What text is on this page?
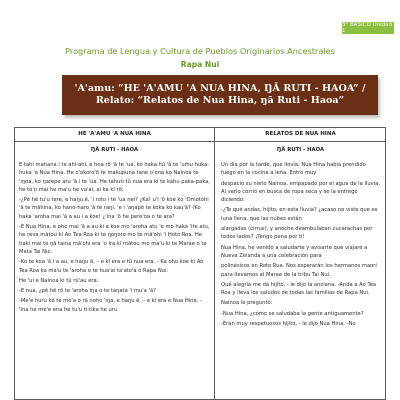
3° BÁSICO Unidad 1
Programa de Lengua y Cultura de Pueblos Originarios Ancestrales
Rapa Nui
'A'amu: “HE 'A'AMU 'A NUA HINA, ŊĀ RUTI - HAOA” /
Relato: “Relatos de Nua Hina, ŋā Ruti - Haoa”
HE 'A'AMU 'A NUA HINA
ŊĀ RUTI - HAOA

E tahi mahana i te ahi-ahi, e hoa rō 'ā te 'ua, ko haka hū 'ā te 'umu huka-huka 'a Nua Hina. He o'okoro'ō te makupuna tane o'ona ko Nainoa te 'iŋoa, ko ŋarepe atu 'ā i te 'ua. He tahuti tū nua era ki te kahu paka-paka, he to'o mai he ma'u he va'ai, ai ka kī rō:

-¿Pē hē tu'u tere, e haŋu ē, 'i roto i te 'ua nei? ¿Ka! u'i 'ō koe ko 'Omotohi 'ā te māhina, ko hano-haro 'ā te raŋi, 'e i 'aŋapō te koka ko kau'ā? (Ko haka 'aroha mai 'ā a au i a koe! ¿'ina 'ō he pere'oa o te ara?

-E Nua Hina, e oho mai 'ā a au ki a koe mo 'aroha atu 'e mo haka 'ite atu, he reva mātou ki Ao Tea Roa ki te ŋoŋoro mo te mā'ohi 'i Hoto Roa. He tiaki mai te ŋā taina mā'ohi era 'o ira ki mātou mo ma'u ki te Marae o te Mata Tai Nui.

-Ko te koa 'ō i a au, e haŋu ē, – e kī era e tū nua era. - Ka oho koe ki Ao Tea Roa ka ma'u te 'aroha o te hua'ai ta'ato'a o Rapa Nui.

He 'ui e Nainoa ki tū rū'au era:

-E nua, ¿pē hē rō te 'aroha iŋa o te taŋata 'i mu'a 'ā?

-Me'e huru kē te mo'a o rā noho 'iŋa, e haŋu ē, – e kī era e Nua Hina. -'Ina he me'e ena he tu'u ti-tika he uru

RELATOS DE NUA HINA
ŊĀ RUTI - HAOA

Un día por la tarde, que llovía, Nua Hina había prendido fuego en la cocina a leña. Entró muy

despacio su nieto Nainoa, empapado por el agua de la lluvia. Al verlo corrió en busca de ropa seca y se la entregó diciendo:

-¿Te qué andas, hijito, en esta lluvia? ¿acaso no viste que es luna llena, que las nubes están

alargadas (cirrus), y anoche deambulaban cucarachas por todos lados? ¡Tengo pena por ti!

Nua Hina, he venido a saludarte y avisarte que viajaré a Nueva Zelanda a una celebración para

polinésicos en Roto Rua. Nos esperarán los hermanos maorí para llevarnos al Marae de la tribu Tai Nui.

Qué alegría me da hijito, - le dijo la anciana. -Anda a Ao Tea Roa y lleva los saludos de todas las familias de Rapa Nui.

Nainoa le preguntó:

-Nua Hina, ¿cómo se saludaba la gente antiguamente?

-Eran muy respetuosos hijito, - le dijo Nua Hina. -No
